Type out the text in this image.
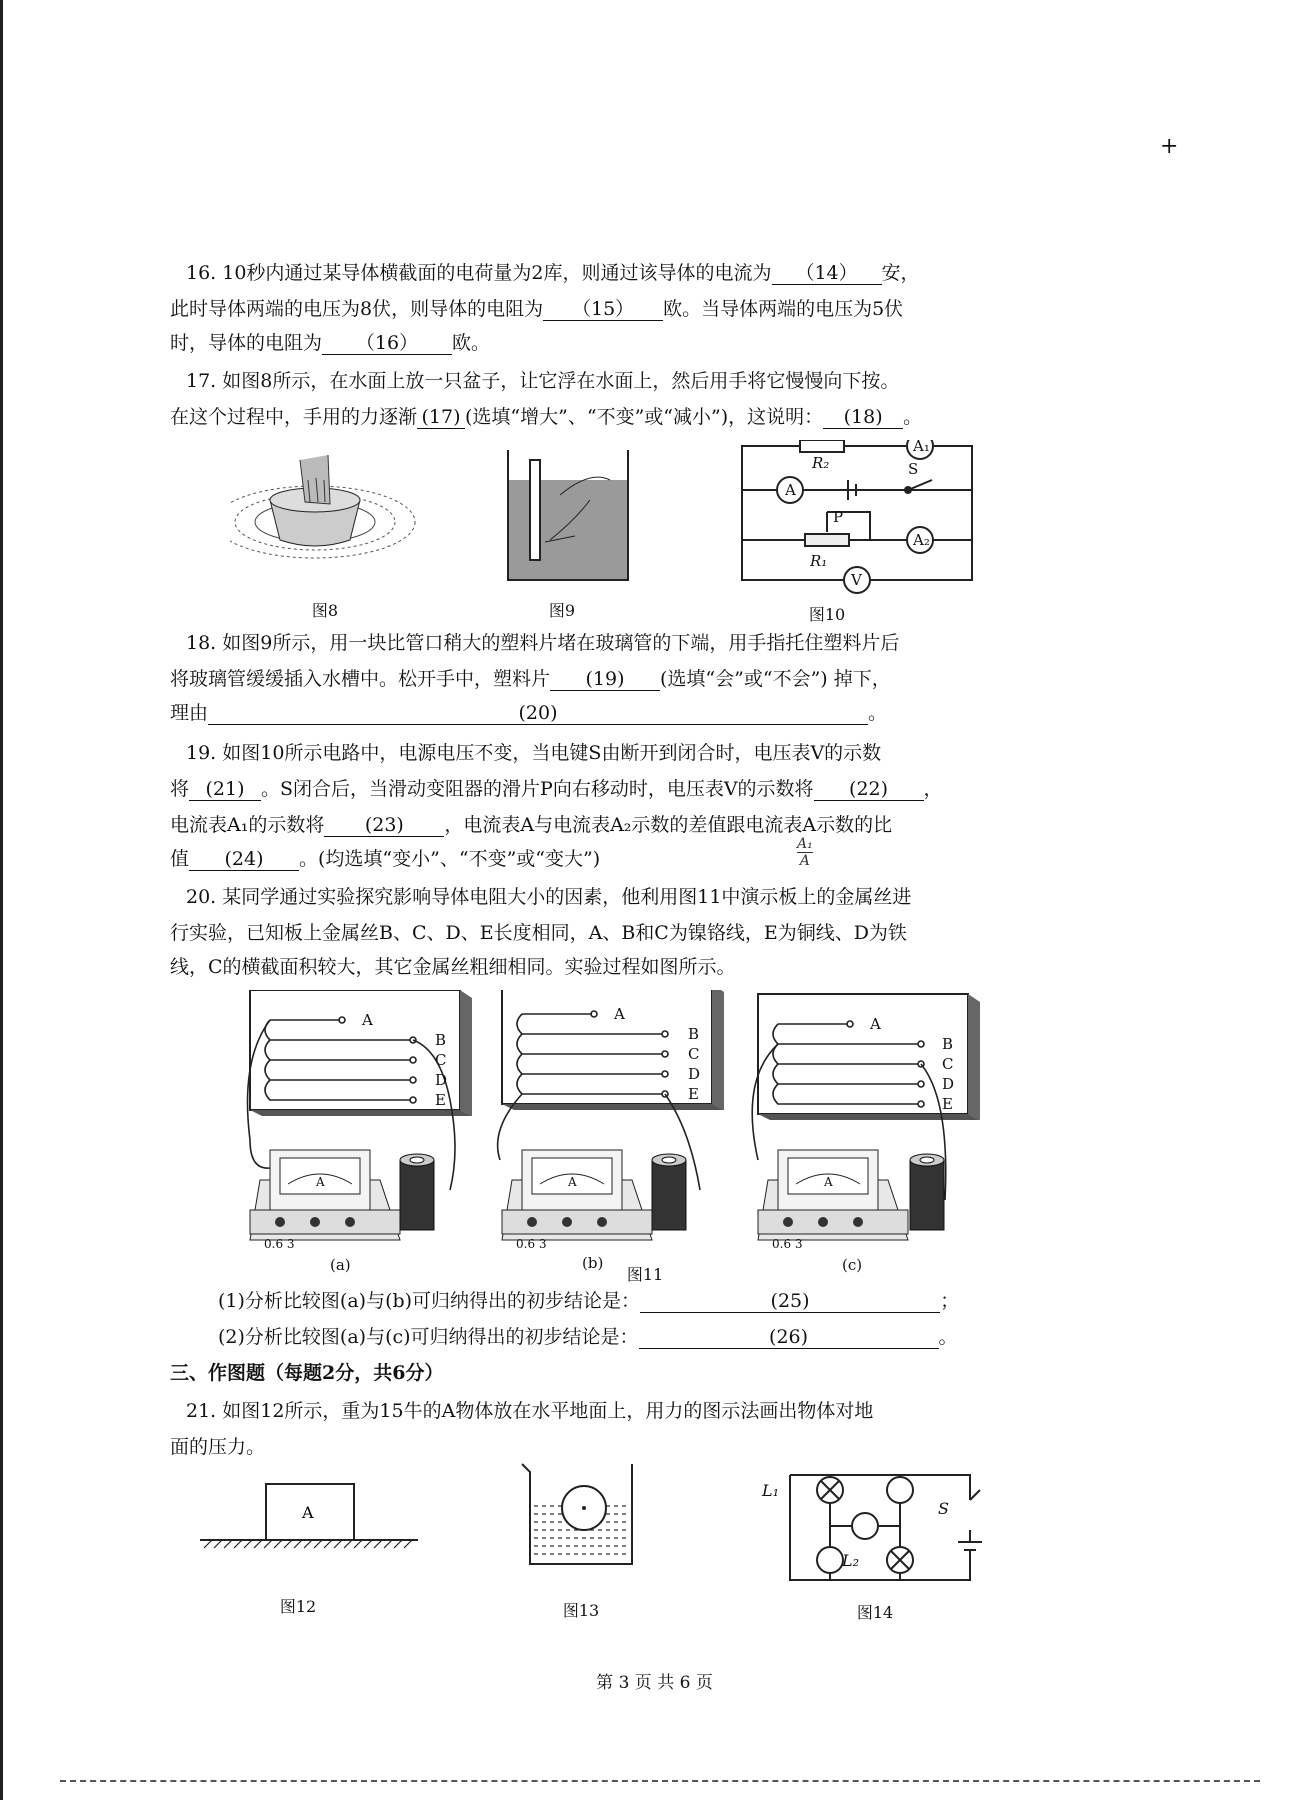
+
16. 10秒内通过某导体横截面的电荷量为2库，则通过该导体的电流为 （14） 安，
此时导体两端的电压为8伏，则导体的电阻为 （15） 欧。当导体两端的电压为5伏
时，导体的电阻为 （16） 欧。
17. 如图8所示，在水面上放一只盆子，让它浮在水面上，然后用手将它慢慢向下按。
在这个过程中，手用的力逐渐 (17) (选填“增大”、“不变”或“减小”)，这说明： (18) 。
A₁
R₂
A
S
P
A₂
R₁
V
图8	图9	图10
18. 如图9所示，用一块比管口稍大的塑料片堵在玻璃管的下端，用手指托住塑料片后
将玻璃管缓缓插入水槽中。松开手中，塑料片 (19) (选填“会”或“不会”) 掉下，
理由	(20)	。
19. 如图10所示电路中，电源电压不变，当电键S由断开到闭合时，电压表V的示数
将 (21) 。S闭合后，当滑动变阻器的滑片P向右移动时，电压表V的示数将 (22) ，
电流表A₁的示数将 (23) ，电流表A与电流表A₂示数的差值跟电流表A示数的比
值 (24) 。(均选填“变小”、“不变”或“变大”)	$\frac{\text{A₁}}{A}$
20. 某同学通过实验探究影响导体电阻大小的因素，他利用图11中演示板上的金属丝进
行实验，已知板上金属丝B、C、D、E长度相同，A、B和C为镍铬线，E为铜线、D为铁
线，C的横截面积较大，其它金属丝粗细相同。实验过程如图所示。
A
B
C
D
E
A
B
C
D
E
A
B
C
D
E
A	A	A
0.6 3	0.6 3	0.6 3
(a)	(b)	(c)
图11
(1)分析比较图(a)与(b)可归纳得出的初步结论是：	(25)	；
(2)分析比较图(a)与(c)可归纳得出的初步结论是：	(26)	。
三、作图题（每题2分，共6分）
21. 如图12所示，重为15牛的A物体放在水平地面上，用力的图示法画出物体对地
面的压力。
A
L₁
L₂
S
图12	图13	图14
第 3 页 共 6 页
